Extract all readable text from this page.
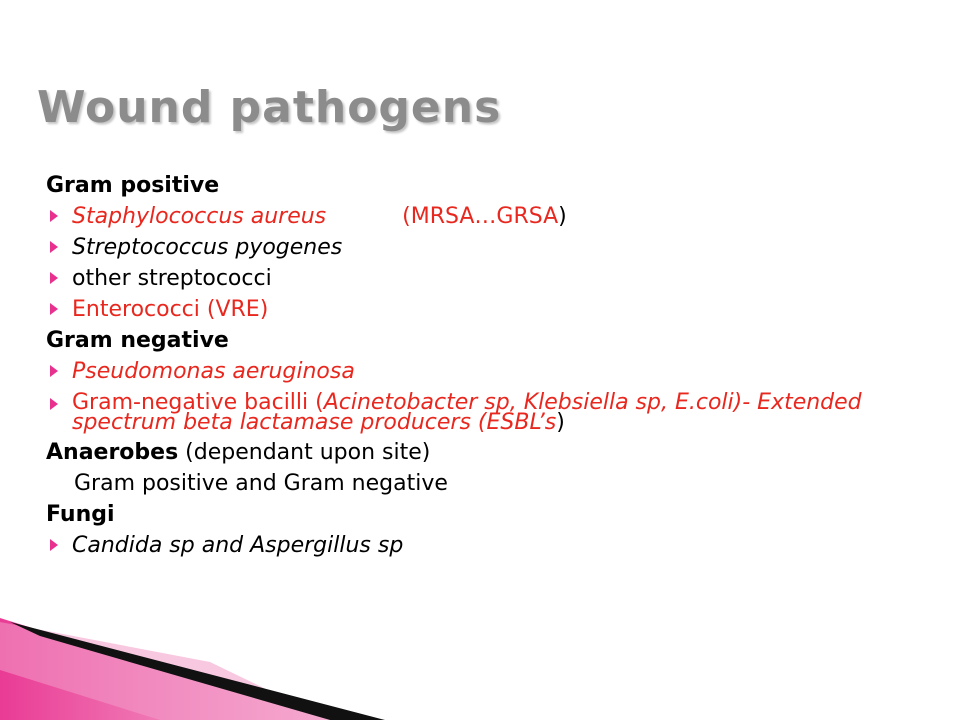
Wound pathogens
Gram positive
Staphylococcus aureus	(MRSA…GRSA)
Streptococcus pyogenes
other streptococci
Enterococci (VRE)
Gram negative
Pseudomonas aeruginosa
Gram-negative bacilli (Acinetobacter sp, Klebsiella sp, E.coli)- Extended spectrum beta lactamase producers (ESBL’s)
Anaerobes (dependant upon site)
Gram positive and Gram negative
Fungi
Candida sp and Aspergillus sp
